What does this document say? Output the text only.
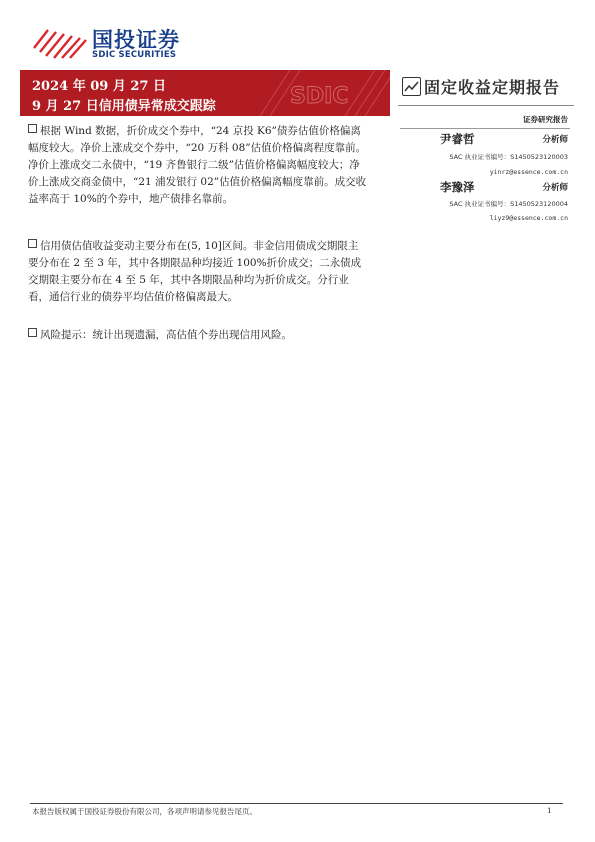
国投证券
SDIC SECURITIES
SDIC
2024 年 09 月 27 日
9 月 27 日信用债异常成交跟踪
固定收益定期报告
证券研究报告
尹睿哲	分析师
SAC 执业证书编号：S1450523120003
yinrz@essence.com.cn
李豫泽	分析师
SAC 执业证书编号：S1450523120004
liyz9@essence.com.cn
根据 Wind 数据，折价成交个券中，“24 京投 K6”债券估值价格偏离幅度较大。净价上涨成交个券中，“20 万科 08”估值价格偏离程度靠前。净价上涨成交二永债中，“19 齐鲁银行二级”估值价格偏离幅度较大；净价上涨成交商金债中，“21 浦发银行 02”估值价格偏离幅度靠前。成交收益率高于 10%的个券中，地产债排名靠前。
信用债估值收益变动主要分布在(5, 10]区间。非金信用债成交期限主要分布在 2 至 3 年，其中各期限品种均接近 100%折价成交；二永债成交期限主要分布在 4 至 5 年，其中各期限品种均为折价成交。分行业看，通信行业的债券平均估值价格偏离最大。
风险提示：统计出现遗漏，高估值个券出现信用风险。
本报告版权属于国投证券股份有限公司，各项声明请参见报告尾页。	1
